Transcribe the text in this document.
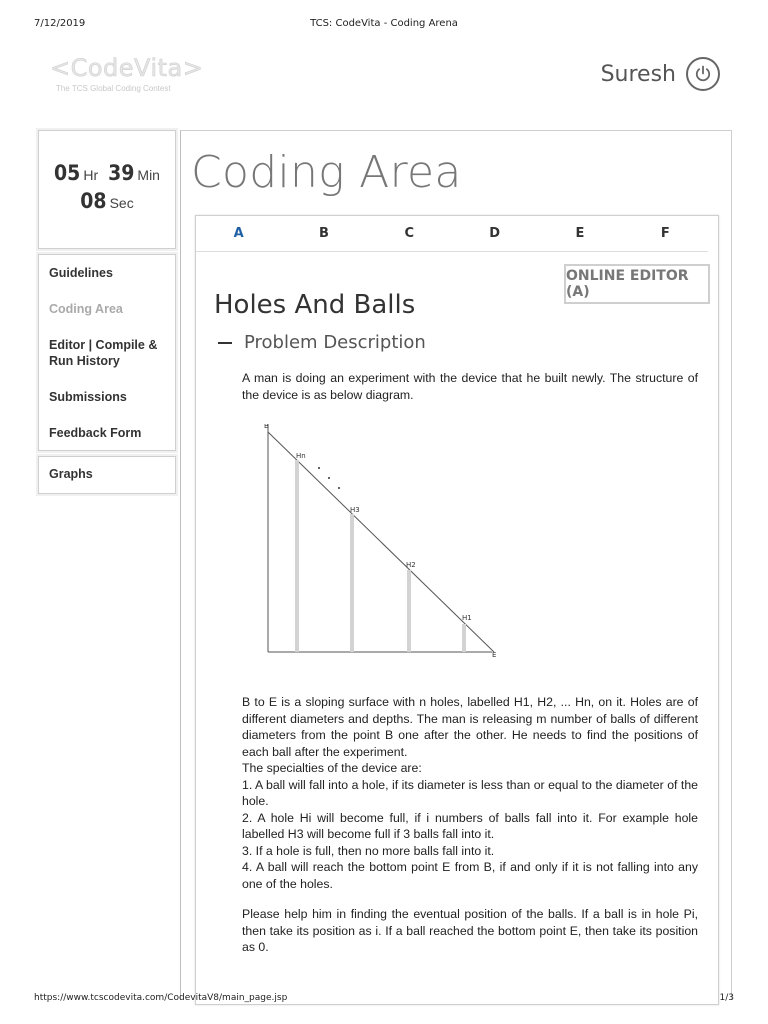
7/12/2019	TCS: CodeVita - Coding Arena
<CodeVita>
The TCS Global Coding Contest
Suresh
05 Hr 39 Min
08 Sec
Guidelines
Coding Area
Editor | Compile & Run History
Submissions
Feedback Form
Graphs
Coding Area
A	B	C	D	E	F
ONLINE EDITOR (A)
Holes And Balls
Problem Description
A man is doing an experiment with the device that he built newly. The structure of the device is as below diagram.
B
Hn
H3
H2
H1
E
B to E is a sloping surface with n holes, labelled H1, H2, ... Hn, on it. Holes are of different diameters and depths. The man is releasing m number of balls of different diameters from the point B one after the other. He needs to find the positions of each ball after the experiment.
The specialties of the device are:
1. A ball will fall into a hole, if its diameter is less than or equal to the diameter of the hole.
2. A hole Hi will become full, if i numbers of balls fall into it. For example hole labelled H3 will become full if 3 balls fall into it.
3. If a hole is full, then no more balls fall into it.
4. A ball will reach the bottom point E from B, if and only if it is not falling into any one of the holes.
Please help him in finding the eventual position of the balls. If a ball is in hole Pi, then take its position as i. If a ball reached the bottom point E, then take its position as 0.
https://www.tcscodevita.com/CodevitaV8/main_page.jsp	1/3
